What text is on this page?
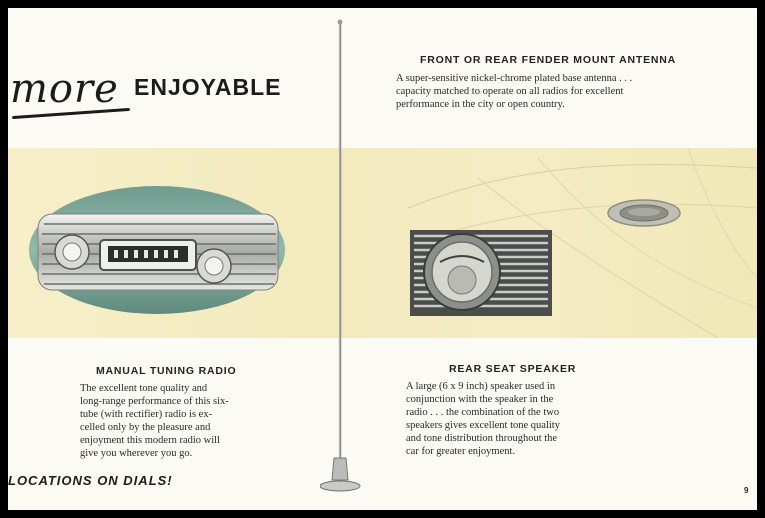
more ENJOYABLE
FRONT OR REAR FENDER MOUNT ANTENNA

A super-sensitive nickel-chrome plated base antenna . . .
capacity matched to operate on all radios for excellent
performance in the city or open country.

MANUAL TUNING RADIO

The excellent tone quality and
long-range performance of this six-
tube (with rectifier) radio is ex-
celled only by the pleasure and
enjoyment this modern radio will
give you wherever you go.

REAR SEAT SPEAKER

A large (6 x 9 inch) speaker used in
conjunction with the speaker in the
radio . . . the combination of the two
speakers gives excellent tone quality
and tone distribution throughout the
car for greater enjoyment.

LOCATIONS ON DIALS!
9
